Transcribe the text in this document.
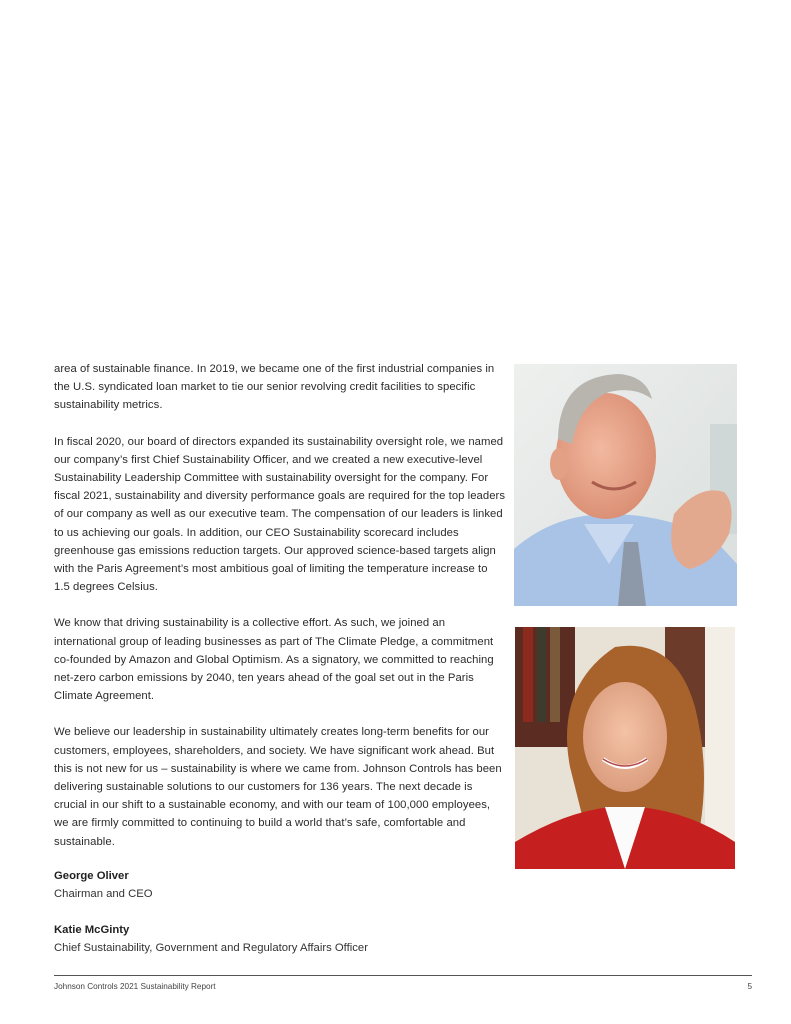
area of sustainable finance. In 2019, we became one of the first industrial companies in the U.S. syndicated loan market to tie our senior revolving credit facilities to specific sustainability metrics.

In fiscal 2020, our board of directors expanded its sustainability oversight role, we named our company’s first Chief Sustainability Officer, and we created a new executive-level Sustainability Leadership Committee with sustainability oversight for the company. For fiscal 2021, sustainability and diversity performance goals are required for the top leaders of our company as well as our executive team. The compensation of our leaders is linked to us achieving our goals. In addition, our CEO Sustainability scorecard includes greenhouse gas emissions reduction targets. Our approved science-based targets align with the Paris Agreement’s most ambitious goal of limiting the temperature increase to 1.5 degrees Celsius.

We know that driving sustainability is a collective effort. As such, we joined an international group of leading businesses as part of The Climate Pledge, a commitment co-founded by Amazon and Global Optimism. As a signatory, we committed to reaching net-zero carbon emissions by 2040, ten years ahead of the goal set out in the Paris Climate Agreement.

We believe our leadership in sustainability ultimately creates long-term benefits for our customers, employees, shareholders, and society. We have significant work ahead. But this is not new for us – sustainability is where we came from. Johnson Controls has been delivering sustainable solutions to our customers for 136 years. The next decade is crucial in our shift to a sustainable economy, and with our team of 100,000 employees, we are firmly committed to continuing to build a world that’s safe, comfortable and sustainable.

George Oliver
Chairman and CEO
Katie McGinty
Chief Sustainability, Government and Regulatory Affairs Officer
Johnson Controls 2021 Sustainability Report	5
